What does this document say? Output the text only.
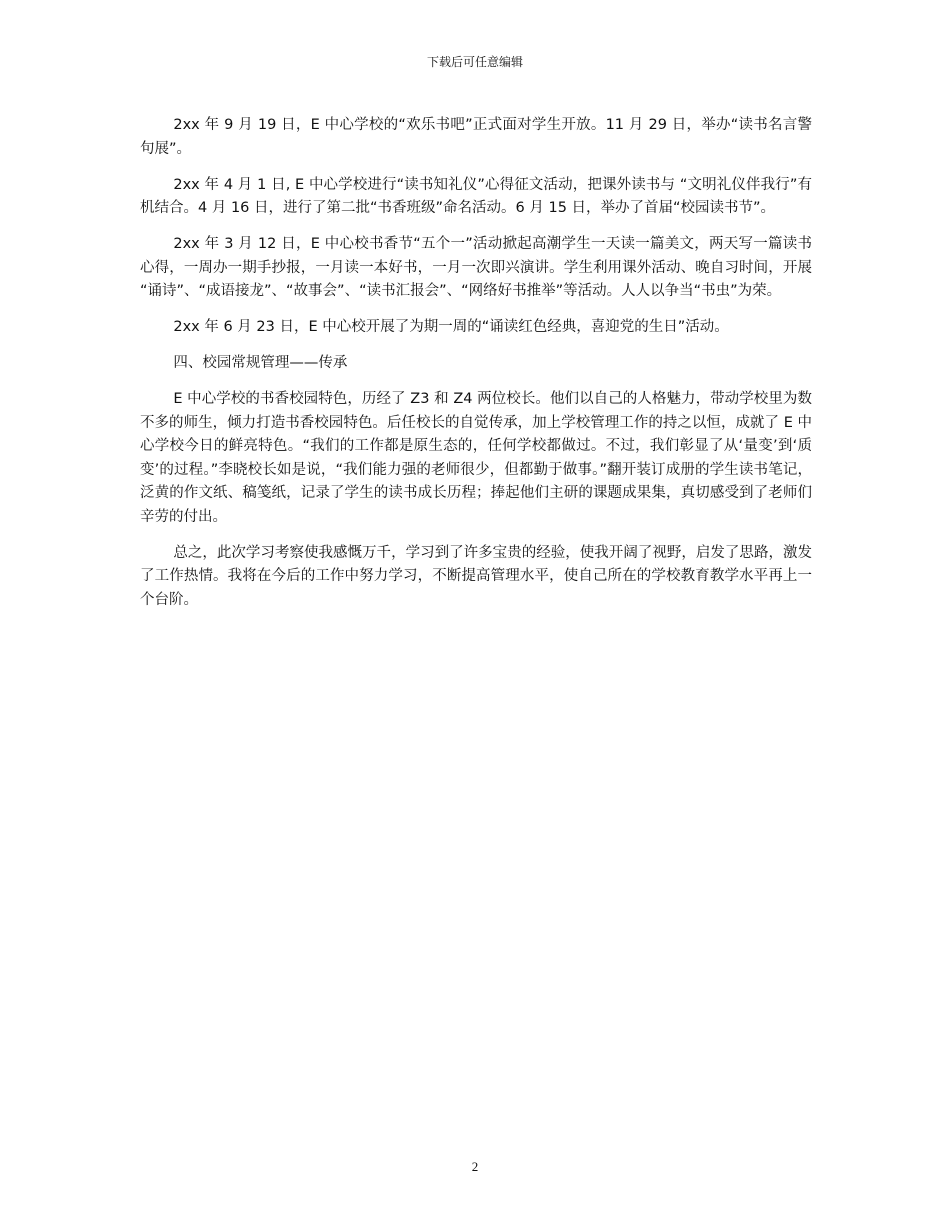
下载后可任意编辑

2xx 年 9 月 19 日，E 中心学校的“欢乐书吧”正式面对学生开放。11 月 29 日，举办“读书名言警句展”。

2xx 年 4 月 1 日, E 中心学校进行“读书知礼仪”心得征文活动，把课外读书与 “文明礼仪伴我行”有机结合。4 月 16 日，进行了第二批“书香班级”命名活动。6 月 15 日，举办了首届“校园读书节”。

2xx 年 3 月 12 日，E 中心校书香节“五个一”活动掀起高潮学生一天读一篇美文，两天写一篇读书心得，一周办一期手抄报，一月读一本好书，一月一次即兴演讲。学生利用课外活动、晚自习时间，开展 “诵诗”、“成语接龙”、“故事会”、“读书汇报会”、“网络好书推举”等活动。人人以争当“书虫”为荣。

2xx 年 6 月 23 日，E 中心校开展了为期一周的“诵读红色经典，喜迎党的生日”活动。

四、校园常规管理——传承

E 中心学校的书香校园特色，历经了 Z3 和 Z4 两位校长。他们以自己的人格魅力，带动学校里为数不多的师生，倾力打造书香校园特色。后任校长的自觉传承，加上学校管理工作的持之以恒，成就了 E 中心学校今日的鲜亮特色。“我们的工作都是原生态的，任何学校都做过。不过，我们彰显了从‘量变’到‘质变’的过程。”李晓校长如是说，“我们能力强的老师很少，但都勤于做事。”翻开装订成册的学生读书笔记，泛黄的作文纸、稿笺纸，记录了学生的读书成长历程；捧起他们主研的课题成果集，真切感受到了老师们辛劳的付出。

总之，此次学习考察使我感慨万千，学习到了许多宝贵的经验，使我开阔了视野，启发了思路，激发了工作热情。我将在今后的工作中努力学习，不断提高管理水平，使自己所在的学校教育教学水平再上一个台阶。

2
